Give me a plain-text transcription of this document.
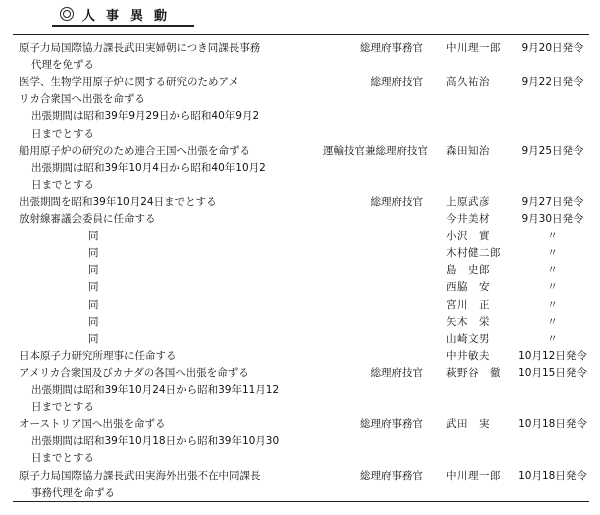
人事異動
原子力局国際協力課長武田実婦朝につき同課長事務	総理府事務官 中川理一郎	9月20日発令
代理を免ずる
医学、生物学用原子炉に関する研究のためアメ	総理府技官 高久祐治	9月22日発令
リカ合衆国へ出張を命ずる
出張期間は昭和39年9月29日から昭和40年9月2
日までとする
船用原子炉の研究のため連合王国へ出張を命ずる	運輸技官兼総理府技官 森田知治	9月25日発令
出張期間は昭和39年10月4日から昭和40年10月2
日までとする
出張期間を昭和39年10月24日までとする	総理府技官 上原武彦	9月27日発令
放射線審議会委員に任命する	今井美材	9月30日発令
同	小沢　實	〃
同	木村健二郎	〃
同	島　史郎	〃
同	西脇　安	〃
同	宮川　正	〃
同	矢木　栄	〃
同	山崎文男	〃
日本原子力研究所理事に任命する	中井敏夫	10月12日発令
アメリカ合衆国及びカナダの各国へ出張を命ずる	総理府技官 萩野谷　徹	10月15日発令
出張期間は昭和39年10月24日から昭和39年11月12
日までとする
オーストリア国へ出張を命ずる	総理府事務官 武田　実	10月18日発令
出張期間は昭和39年10月18日から昭和39年10月30
日までとする
原子力局国際協力課長武田実海外出張不在中同課長	総理府事務官 中川理一郎	10月18日発令
事務代理を命ずる
